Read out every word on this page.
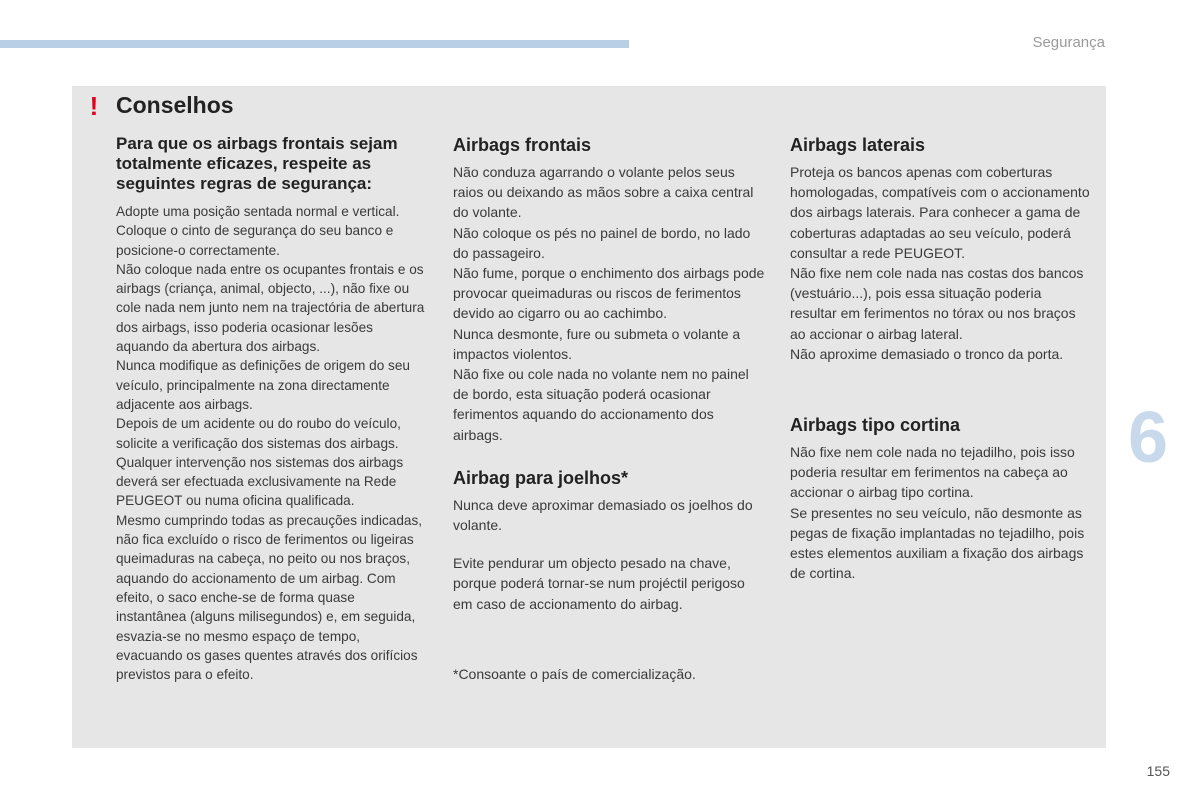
Segurança
6
155
! Conselhos
Para que os airbags frontais sejam totalmente eficazes, respeite as seguintes regras de segurança:

Adopte uma posição sentada normal e vertical.

Coloque o cinto de segurança do seu banco e posicione-o correctamente.

Não coloque nada entre os ocupantes frontais e os airbags (criança, animal, objecto, ...), não fixe ou cole nada nem junto nem na trajectória de abertura dos airbags, isso poderia ocasionar lesões aquando da abertura dos airbags.

Nunca modifique as definições de origem do seu veículo, principalmente na zona directamente adjacente aos airbags.

Depois de um acidente ou do roubo do veículo, solicite a verificação dos sistemas dos airbags.

Qualquer intervenção nos sistemas dos airbags deverá ser efectuada exclusivamente na Rede PEUGEOT ou numa oficina qualificada.

Mesmo cumprindo todas as precauções indicadas, não fica excluído o risco de ferimentos ou ligeiras queimaduras na cabeça, no peito ou nos braços, aquando do accionamento de um airbag. Com efeito, o saco enche-se de forma quase instantânea (alguns milisegundos) e, em seguida, esvazia-se no mesmo espaço de tempo, evacuando os gases quentes através dos orifícios previstos para o efeito.

Airbags frontais

Não conduza agarrando o volante pelos seus raios ou deixando as mãos sobre a caixa central do volante.

Não coloque os pés no painel de bordo, no lado do passageiro.

Não fume, porque o enchimento dos airbags pode provocar queimaduras ou riscos de ferimentos devido ao cigarro ou ao cachimbo.

Nunca desmonte, fure ou submeta o volante a impactos violentos.

Não fixe ou cole nada no volante nem no painel de bordo, esta situação poderá ocasionar ferimentos aquando do accionamento dos airbags.

Airbag para joelhos*

Nunca deve aproximar demasiado os joelhos do volante.

Evite pendurar um objecto pesado na chave, porque poderá tornar-se num projéctil perigoso em caso de accionamento do airbag.

*Consoante o país de comercialização.

Airbags laterais

Proteja os bancos apenas com coberturas homologadas, compatíveis com o accionamento dos airbags laterais. Para conhecer a gama de coberturas adaptadas ao seu veículo, poderá consultar a rede PEUGEOT.

Não fixe nem cole nada nas costas dos bancos (vestuário...), pois essa situação poderia resultar em ferimentos no tórax ou nos braços ao accionar o airbag lateral.

Não aproxime demasiado o tronco da porta.

Airbags tipo cortina

Não fixe nem cole nada no tejadilho, pois isso poderia resultar em ferimentos na cabeça ao accionar o airbag tipo cortina.

Se presentes no seu veículo, não desmonte as pegas de fixação implantadas no tejadilho, pois estes elementos auxiliam a fixação dos airbags de cortina.
